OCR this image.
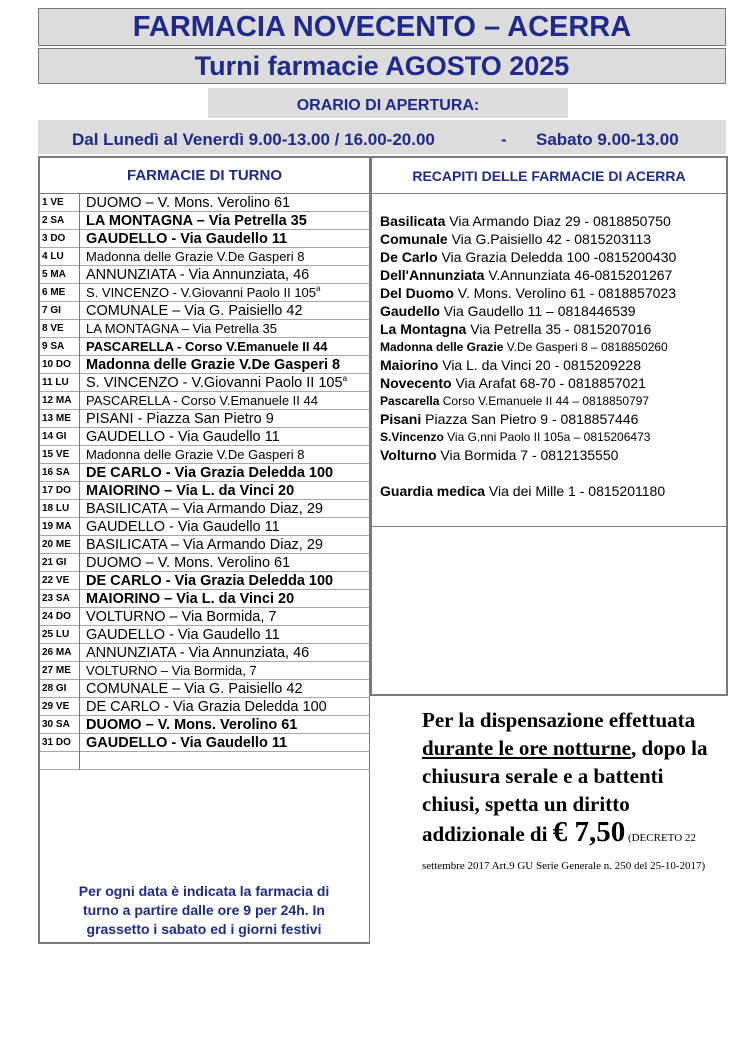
FARMACIA NOVECENTO – ACERRA
Turni farmacie AGOSTO 2025
ORARIO DI APERTURA:
Dal Lunedì al Venerdì 9.00-13.00 / 16.00-20.00	- Sabato 9.00-13.00
FARMACIE DI TURNO
1 VE	DUOMO – V. Mons. Verolino 61
2 SA	LA MONTAGNA – Via Petrella 35
3 DO	GAUDELLO - Via Gaudello 11
4 LU	Madonna delle Grazie V.De Gasperi 8
5 MA	ANNUNZIATA - Via Annunziata, 46
6 ME	S. VINCENZO - V.Giovanni Paolo II 105$^a$
7 GI	COMUNALE – Via G. Paisiello 42
8 VE	LA MONTAGNA – Via Petrella 35
9 SA	PASCARELLA - Corso V.Emanuele II 44
10 DO	Madonna delle Grazie V.De Gasperi 8
11 LU	S. VINCENZO - V.Giovanni Paolo II 105$^a$
12 MA	PASCARELLA - Corso V.Emanuele II 44
13 ME	PISANI - Piazza San Pietro 9
14 GI	GAUDELLO - Via Gaudello 11
15 VE	Madonna delle Grazie V.De Gasperi 8
16 SA	DE CARLO - Via Grazia Deledda 100
17 DO	MAIORINO – Via L. da Vinci 20
18 LU	BASILICATA – Via Armando Diaz, 29
19 MA	GAUDELLO - Via Gaudello 11
20 ME	BASILICATA – Via Armando Diaz, 29
21 GI	DUOMO – V. Mons. Verolino 61
22 VE	DE CARLO - Via Grazia Deledda 100
23 SA	MAIORINO – Via L. da Vinci 20
24 DO	VOLTURNO – Via Bormida, 7
25 LU	GAUDELLO - Via Gaudello 11
26 MA	ANNUNZIATA - Via Annunziata, 46
27 ME	VOLTURNO – Via Bormida, 7
28 GI	COMUNALE – Via G. Paisiello 42
29 VE	DE CARLO - Via Grazia Deledda 100
30 SA	DUOMO – V. Mons. Verolino 61
31 DO	GAUDELLO - Via Gaudello 11
Per ogni data è indicata la farmacia di turno a partire dalle ore 9 per 24h. In grassetto i sabato ed i giorni festivi
RECAPITI DELLE FARMACIE DI ACERRA
Basilicata Via Armando Diaz 29 - 0818850750
Comunale Via G.Paisiello 42 - 0815203113
De Carlo Via Grazia Deledda 100 -0815200430
Dell'Annunziata V.Annunziata 46-0815201267
Del Duomo V. Mons. Verolino 61 - 0818857023
Gaudello Via Gaudello 11 – 0818446539
La Montagna Via Petrella 35 - 0815207016
Madonna delle Grazie V.De Gasperi 8 – 0818850260
Maiorino Via L. da Vinci 20 - 0815209228
Novecento Via Arafat 68-70 - 0818857021
Pascarella Corso V.Emanuele II 44 – 0818850797
Pisani Piazza San Pietro 9 - 0818857446
S.Vincenzo Via G.nni Paolo II 105a – 0815206473
Volturno Via Bormida 7 - 0812135550
Guardia medica Via dei Mille 1 - 0815201180
Per la dispensazione effettuata durante le ore notturne, dopo la chiusura serale e a battenti chiusi, spetta un diritto addizionale di € 7,50 (DECRETO 22 settembre 2017 Art.9 GU Serie Generale n. 250 del 25-10-2017)
